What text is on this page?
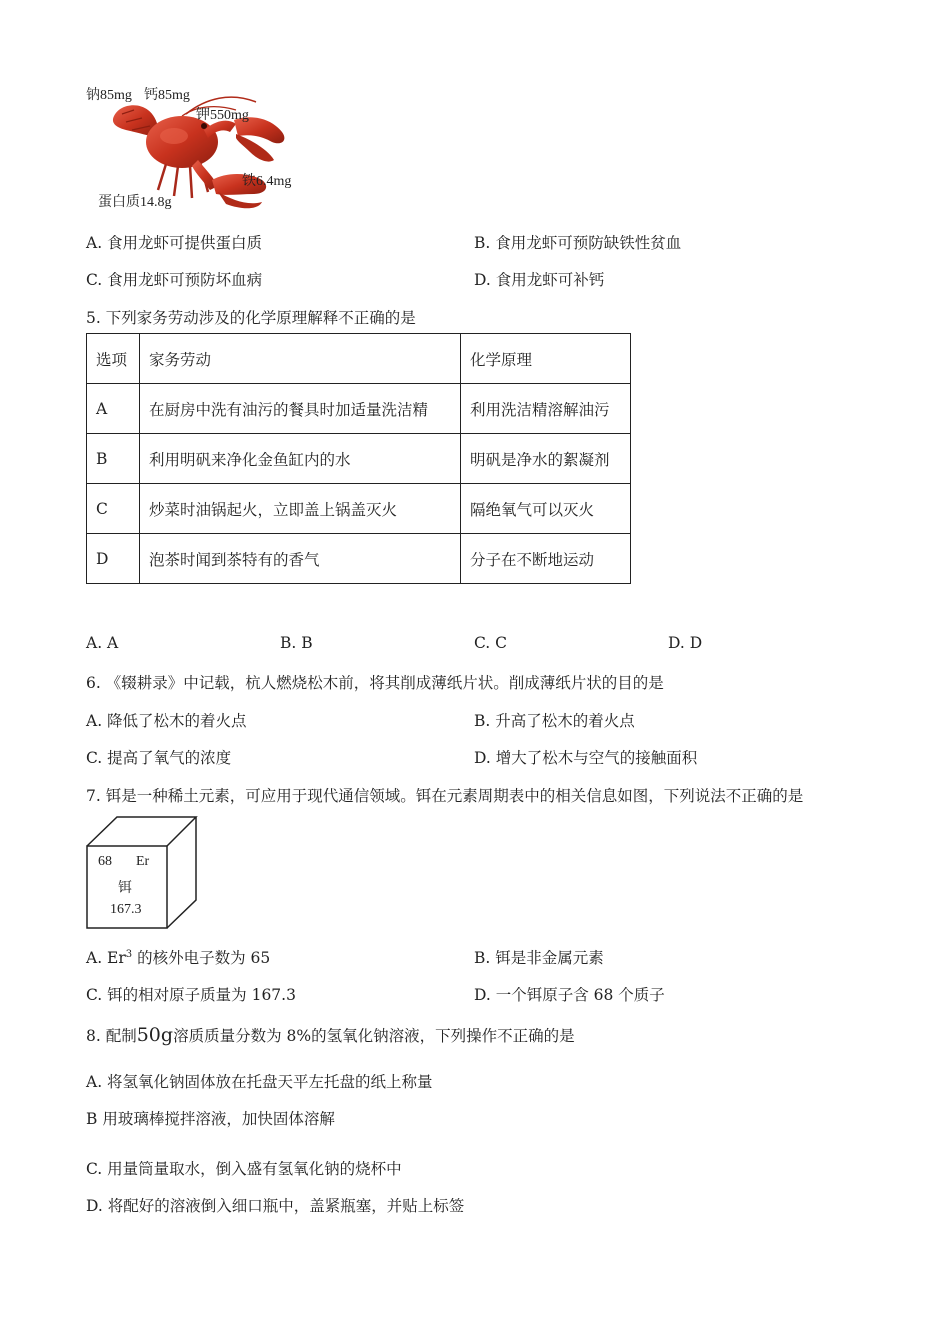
钠85mg 钙85mg
钾550mg
铁6.4mg
蛋白质14.8g
A. 食用龙虾可提供蛋白质	B. 食用龙虾可预防缺铁性贫血
C. 食用龙虾可预防坏血病	D. 食用龙虾可补钙
5. 下列家务劳动涉及的化学原理解释不正确的是
选项	家务劳动	化学原理
A	在厨房中洗有油污的餐具时加适量洗洁精	利用洗洁精溶解油污
B	利用明矾来净化金鱼缸内的水	明矾是净水的絮凝剂
C	炒菜时油锅起火，立即盖上锅盖灭火	隔绝氧气可以灭火
D	泡茶时闻到茶特有的香气	分子在不断地运动
A. A	B. B	C. C	D. D
6. 《辍耕录》中记载，杭人燃烧松木前，将其削成薄纸片状。削成薄纸片状的目的是
A. 降低了松木的着火点	B. 升高了松木的着火点
C. 提高了氧气的浓度	D. 增大了松木与空气的接触面积
7. 铒是一种稀土元素，可应用于现代通信领域。铒在元素周期表中的相关信息如图，下列说法不正确的是
68 Er
铒
167.3
A. Er$^3$ 的核外电子数为 65	B. 铒是非金属元素
C. 铒的相对原子质量为 167.3	D. 一个铒原子含 68 个质子
8. 配制50g溶质质量分数为 8%的氢氧化钠溶液，下列操作不正确的是
A. 将氢氧化钠固体放在托盘天平左托盘的纸上称量
B 用玻璃棒搅拌溶液，加快固体溶解
C. 用量筒量取水，倒入盛有氢氧化钠的烧杯中
D. 将配好的溶液倒入细口瓶中，盖紧瓶塞，并贴上标签
